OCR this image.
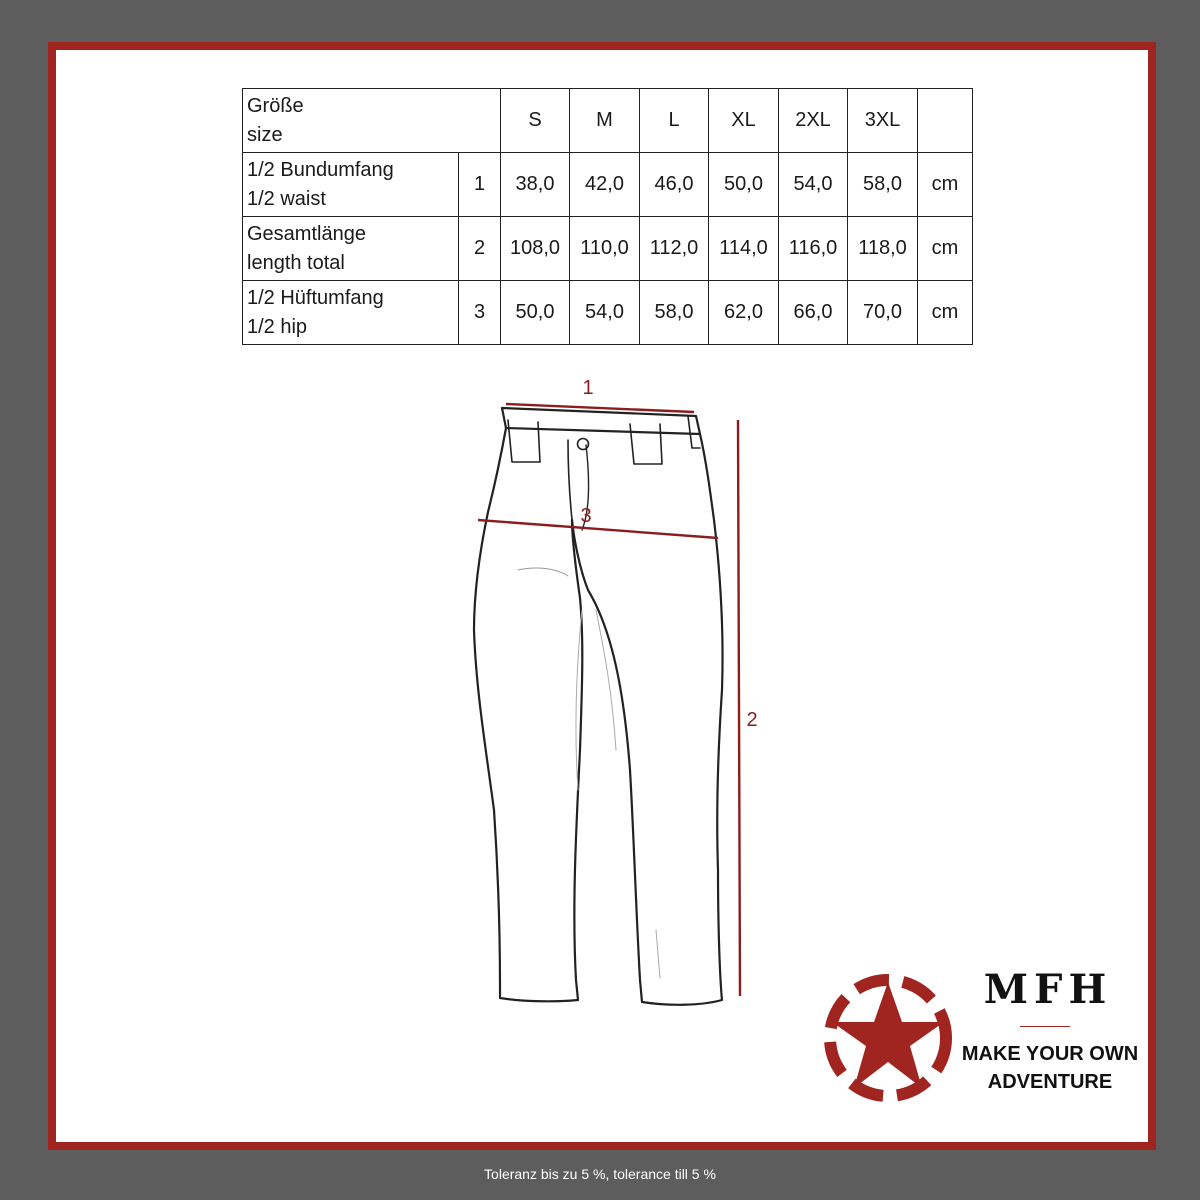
Größe
size		S	M	L	XL	2XL	3XL	

1/2 Bundumfang
1/2 waist	1	38,0	42,0	46,0	50,0	54,0	58,0	cm

Gesamtlänge
length total	2	108,0	110,0	112,0	114,0	116,0	118,0	cm

1/2 Hüftumfang
1/2 hip	3	50,0	54,0	58,0	62,0	66,0	70,0	cm
1
3
2
MFH
MAKE YOUR OWN
ADVENTURE
Toleranz bis zu 5 %, tolerance till 5 %
